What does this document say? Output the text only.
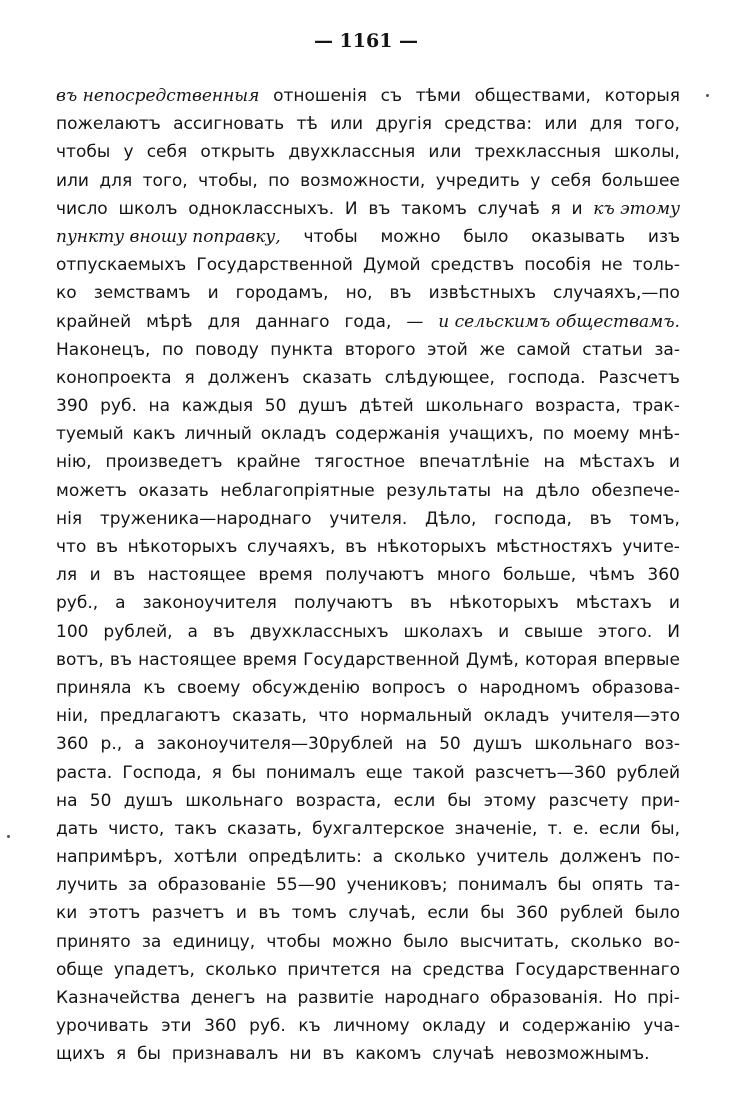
— 1161 —
въ непосредственныя отношенія съ тѣми обществами, которыя
пожелаютъ ассигновать тѣ или другія средства: или для того,
чтобы у себя открыть двухклассныя или трехклассныя школы,
или для того, чтобы, по возможности, учредить у себя большее
число школъ одноклассныхъ. И въ такомъ случаѣ я и къ этому
пункту вношу поправку, чтобы можно было оказывать изъ
отпускаемыхъ Государственной Думой средствъ пособія не толь-
ко земствамъ и городамъ, но, въ извѣстныхъ случаяхъ,—по
крайней мѣрѣ для даннаго года, — и сельскимъ обществамъ.
Наконецъ, по поводу пункта второго этой же самой статьи за-
конопроекта я долженъ сказать слѣдующее, господа. Разсчетъ
390 руб. на каждыя 50 душъ дѣтей школьнаго возраста, трак-
туемый какъ личный окладъ содержанія учащихъ, по моему мнѣ-
нію, произведетъ крайне тягостное впечатлѣніе на мѣстахъ и
можетъ оказать неблагопріятные результаты на дѣло обезпече-
нія труженика—народнаго учителя. Дѣло, господа, въ томъ,
что въ нѣкоторыхъ случаяхъ, въ нѣкоторыхъ мѣстностяхъ учите-
ля и въ настоящее время получаютъ много больше, чѣмъ 360
руб., а законоучителя получаютъ въ нѣкоторыхъ мѣстахъ и
100 рублей, а въ двухклассныхъ школахъ и свыше этого. И
вотъ, въ настоящее время Государственной Думѣ, которая впервые
приняла къ своему обсужденію вопросъ о народномъ образова-
ніи, предлагаютъ сказать, что нормальный окладъ учителя—это
360 р., а законоучителя—30рублей на 50 душъ школьнаго воз-
раста. Господа, я бы понималъ еще такой разсчетъ—360 рублей
на 50 душъ школьнаго возраста, если бы этому разсчету при-
дать чисто, такъ сказать, бухгалтерское значеніе, т. е. если бы,
напримѣръ, хотѣли опредѣлить: а сколько учитель долженъ по-
лучить за образованіе 55—90 учениковъ; понималъ бы опять та-
ки этотъ разчетъ и въ томъ случаѣ, если бы 360 рублей было
принято за единицу, чтобы можно было высчитать, сколько во-
обще упадетъ, сколько причтется на средства Государственнаго
Казначейства денегъ на развитіе народнаго образованія. Но прі-
урочивать эти 360 руб. къ личному окладу и содержанію уча-
щихъ
я
бы
признавалъ
ни
въ
какомъ
случаѣ
невозможнымъ.
